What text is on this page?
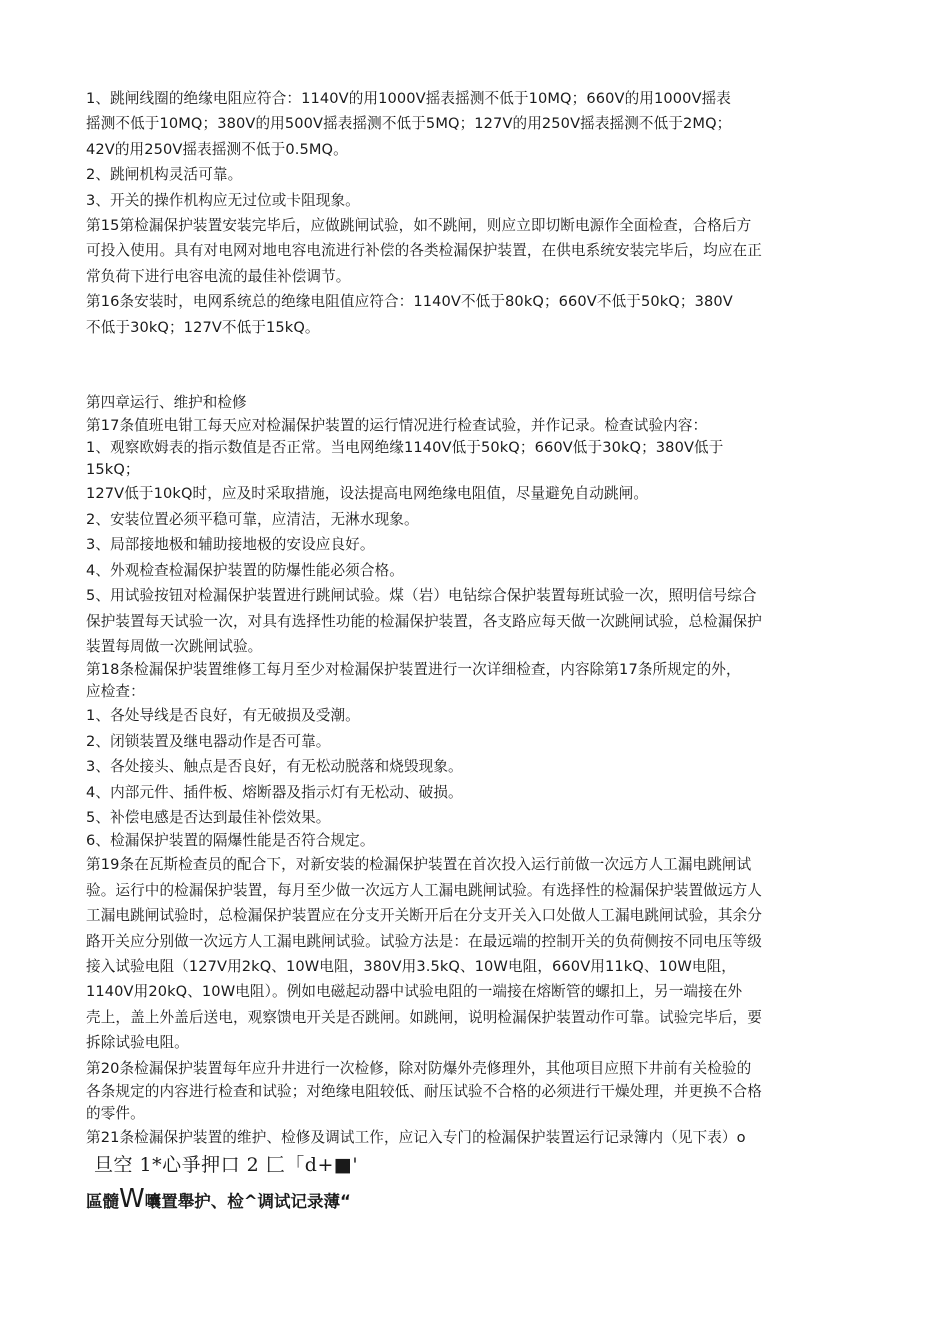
1、跳闸线圈的绝缘电阻应符合：1140V的用1000V摇表摇测不低于10MQ；660V的用1000V摇表

摇测不低于10MQ；380V的用500V摇表摇测不低于5MQ；127V的用250V摇表摇测不低于2MQ；

42V的用250V摇表摇测不低于0.5MQ。

2、跳闸机构灵活可靠。

3、开关的操作机构应无过位或卡阻现象。

第15第检漏保护装置安装完毕后，应做跳闸试验，如不跳闸，则应立即切断电源作全面检查，合格后方

可投入使用。具有对电网对地电容电流进行补偿的各类检漏保护装置，在供电系统安装完毕后，均应在正

常负荷下进行电容电流的最佳补偿调节。

第16条安装时，电网系统总的绝缘电阻值应符合：1140V不低于80kQ；660V不低于50kQ；380V

不低于30kQ；127V不低于15kQ。

第四章运行、维护和检修

第17条值班电钳工每天应对检漏保护装置的运行情况进行检查试验，并作记录。检查试验内容：

1、观察欧姆表的指示数值是否正常。当电网绝缘1140V低于50kQ；660V低于30kQ；380V低于

15kQ；

127V低于10kQ时，应及时采取措施，设法提高电网绝缘电阻值，尽量避免自动跳闸。

2、安装位置必须平稳可靠，应清洁，无淋水现象。

3、局部接地极和辅助接地极的安设应良好。

4、外观检查检漏保护装置的防爆性能必须合格。

5、用试验按钮对检漏保护装置进行跳闸试验。煤（岩）电钻综合保护装置每班试验一次，照明信号综合

保护装置每天试验一次，对具有选择性功能的检漏保护装置，各支路应每天做一次跳闸试验，总检漏保护

装置每周做一次跳闸试验。

第18条检漏保护装置维修工每月至少对检漏保护装置进行一次详细检查，内容除第17条所规定的外，

应检查：

1、各处导线是否良好，有无破损及受潮。

2、闭锁装置及继电器动作是否可靠。

3、各处接头、触点是否良好，有无松动脱落和烧毁现象。

4、内部元件、插件板、熔断器及指示灯有无松动、破损。

5、补偿电感是否达到最佳补偿效果。

6、检漏保护装置的隔爆性能是否符合规定。

第19条在瓦斯检查员的配合下，对新安装的检漏保护装置在首次投入运行前做一次远方人工漏电跳闸试

验。运行中的检漏保护装置，每月至少做一次远方人工漏电跳闸试验。有选择性的检漏保护装置做远方人

工漏电跳闸试验时，总检漏保护装置应在分支开关断开后在分支开关入口处做人工漏电跳闸试验，其余分

路开关应分别做一次远方人工漏电跳闸试验。试验方法是：在最远端的控制开关的负荷侧按不同电压等级

接入试验电阻（127V用2kQ、10W电阻，380V用3.5kQ、10W电阻，660V用11kQ、10W电阻，

1140V用20kQ、10W电阻）。例如电磁起动器中试验电阻的一端接在熔断管的螺扣上，另一端接在外

壳上，盖上外盖后送电，观察馈电开关是否跳闸。如跳闸，说明检漏保护装置动作可靠。试验完毕后，要

拆除试验电阻。

第20条检漏保护装置每年应升井进行一次检修，除对防爆外壳修理外，其他项目应照下井前有关检验的

各条规定的内容进行检查和试验；对绝缘电阻较低、耐压试验不合格的必须进行干燥处理，并更换不合格

的零件。

第21条检漏保护装置的维护、检修及调试工作，应记入专门的检漏保护装置运行记录簿内（见下表）o

旦空 1*心爭押口 2 匚「d+■'

區髓W囔置舉护、检^调试记录薄“
